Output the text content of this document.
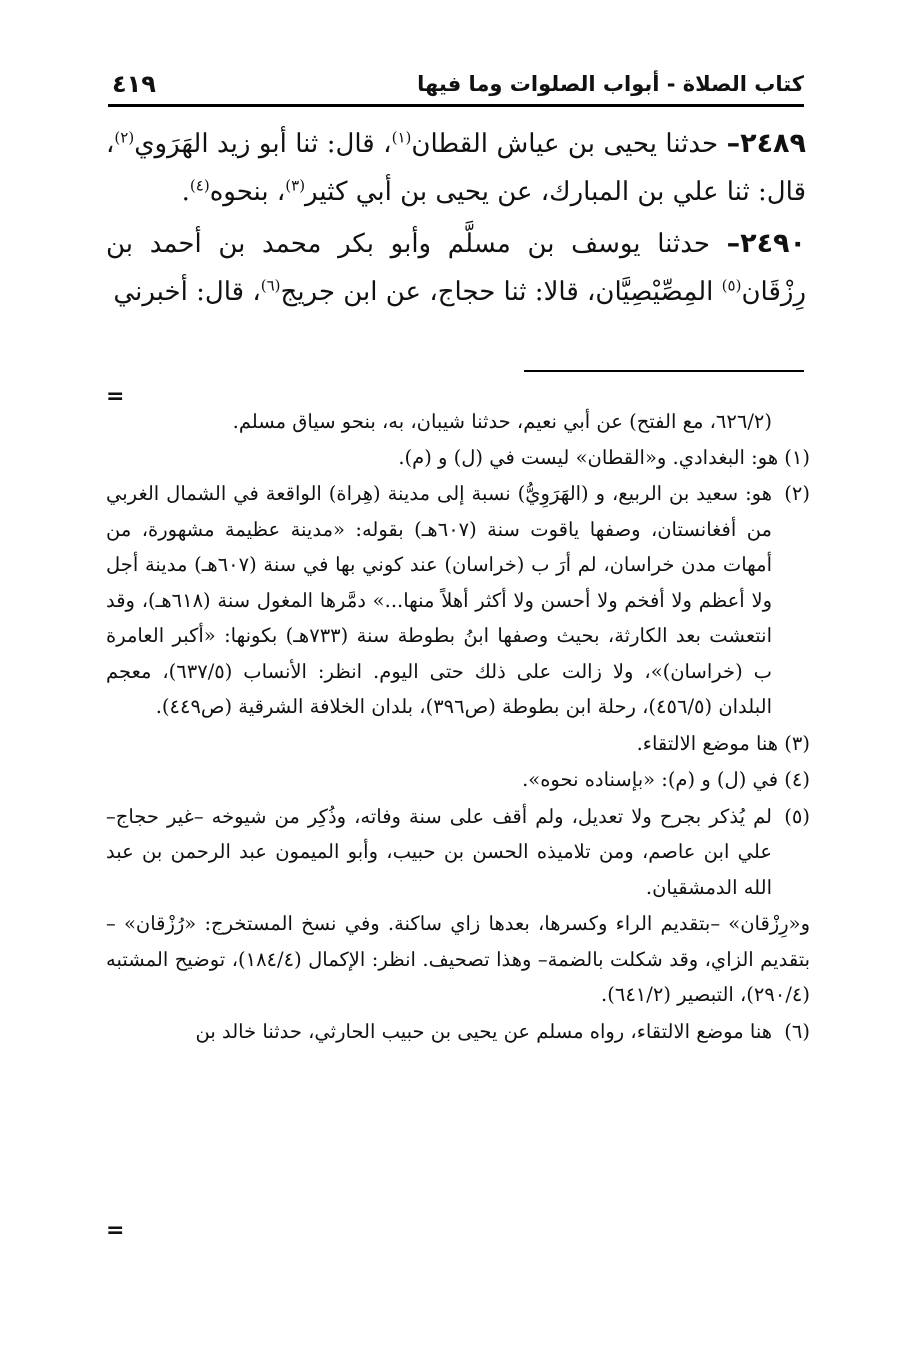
كتاب الصلاة - أبواب الصلوات وما فيها
٤١٩

٢٤٨٩– حدثنا يحيى بن عياش القطان$^{(١)}$، قال: ثنا أبو زيد الهَرَوي$^{(٢)}$، قال: ثنا علي بن المبارك، عن يحيى بن أبي كثير$^{(٣)}$، بنحوه$^{(٤)}$.

٢٤٩٠– حدثنا يوسف بن مسلَّم وأبو بكر محمد بن أحمد بن رِزْقَان$^{(٥)}$ المِصِّيْصِيَّان، قالا: ثنا حجاج، عن ابن جريج$^{(٦)}$، قال: أخبرني

=

(٦٢٦/٢، مع الفتح) عن أبي نعيم، حدثنا شيبان، به، بنحو سياق مسلم.

(١) هو: البغدادي. و«القطان» ليست في (ل) و (م).

(٢)
هو: سعيد بن الربيع، و (الهَرَوِيُّ) نسبة إلى مدينة (هِراة) الواقعة في الشمال الغربي من أفغانستان، وصفها ياقوت سنة (٦٠٧هـ) بقوله: «مدينة عظيمة مشهورة، من أمهات مدن خراسان، لم أرَ ب (خراسان) عند كوني بها في سنة (٦٠٧هـ) مدينة أجل ولا أعظم ولا أفخم ولا أحسن ولا أكثر أهلاً منها...» دمَّرها المغول سنة (٦١٨هـ)، وقد انتعشت بعد الكارثة، بحيث وصفها ابنُ بطوطة سنة (٧٣٣هـ) بكونها: «أكبر العامرة ب (خراسان)»، ولا زالت على ذلك حتى اليوم. انظر: الأنساب (٦٣٧/٥)، معجم البلدان (٤٥٦/٥)، رحلة ابن بطوطة (ص٣٩٦)، بلدان الخلافة الشرقية (ص٤٤٩).

(٣) هنا موضع الالتقاء.

(٤) في (ل) و (م): «بإسناده نحوه».

(٥)
لم يُذكر بجرح ولا تعديل، ولم أقف على سنة وفاته، وذُكِر من شيوخه –غير حجاج– علي ابن عاصم، ومن تلاميذه الحسن بن حبيب، وأبو الميمون عبد الرحمن بن عبد الله الدمشقيان.

و«رِزْقان» –بتقديم الراء وكسرها، بعدها زاي ساكنة. وفي نسخ المستخرج: «رُزْقان» –بتقديم الزاي، وقد شكلت بالضمة– وهذا تصحيف. انظر: الإكمال (١٨٤/٤)، توضيح المشتبه (٢٩٠/٤)، التبصير (٦٤١/٢).

(٦)
هنا موضع الالتقاء، رواه مسلم عن يحيى بن حبيب الحارثي، حدثنا خالد بن
=
